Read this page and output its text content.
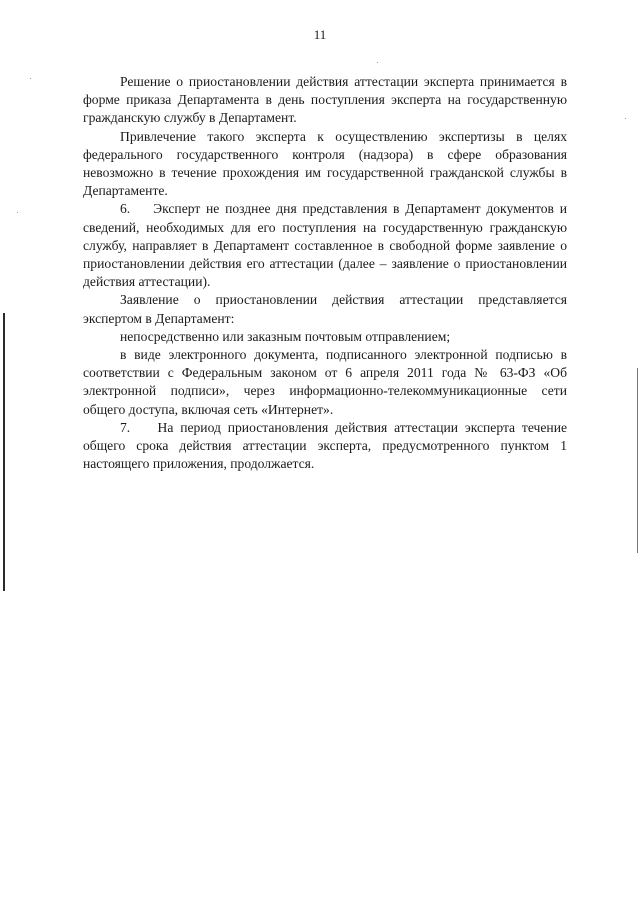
11

Решение о приостановлении действия аттестации эксперта принимается в форме приказа Департамента в день поступления эксперта на государственную гражданскую службу в Департамент.

Привлечение такого эксперта к осуществлению экспертизы в целях федерального государственного контроля (надзора) в сфере образования невозможно в течение прохождения им государственной гражданской службы в Департаменте.

6.    Эксперт не позднее дня представления в Департамент документов и сведений, необходимых для его поступления на государственную гражданскую службу, направляет в Департамент составленное в свободной форме заявление о приостановлении действия его аттестации (далее – заявление о приостановлении действия аттестации).

Заявление о приостановлении действия аттестации представляется экспертом в Департамент:

непосредственно или заказным почтовым отправлением;

в виде электронного документа, подписанного электронной подписью в соответствии с Федеральным законом от 6 апреля 2011 года № 63-ФЗ «Об электронной подписи», через информационно-телекоммуникационные сети общего доступа, включая сеть «Интернет».

7.    На период приостановления действия аттестации эксперта течение общего срока действия аттестации эксперта, предусмотренного пунктом 1 настоящего приложения, продолжается.
